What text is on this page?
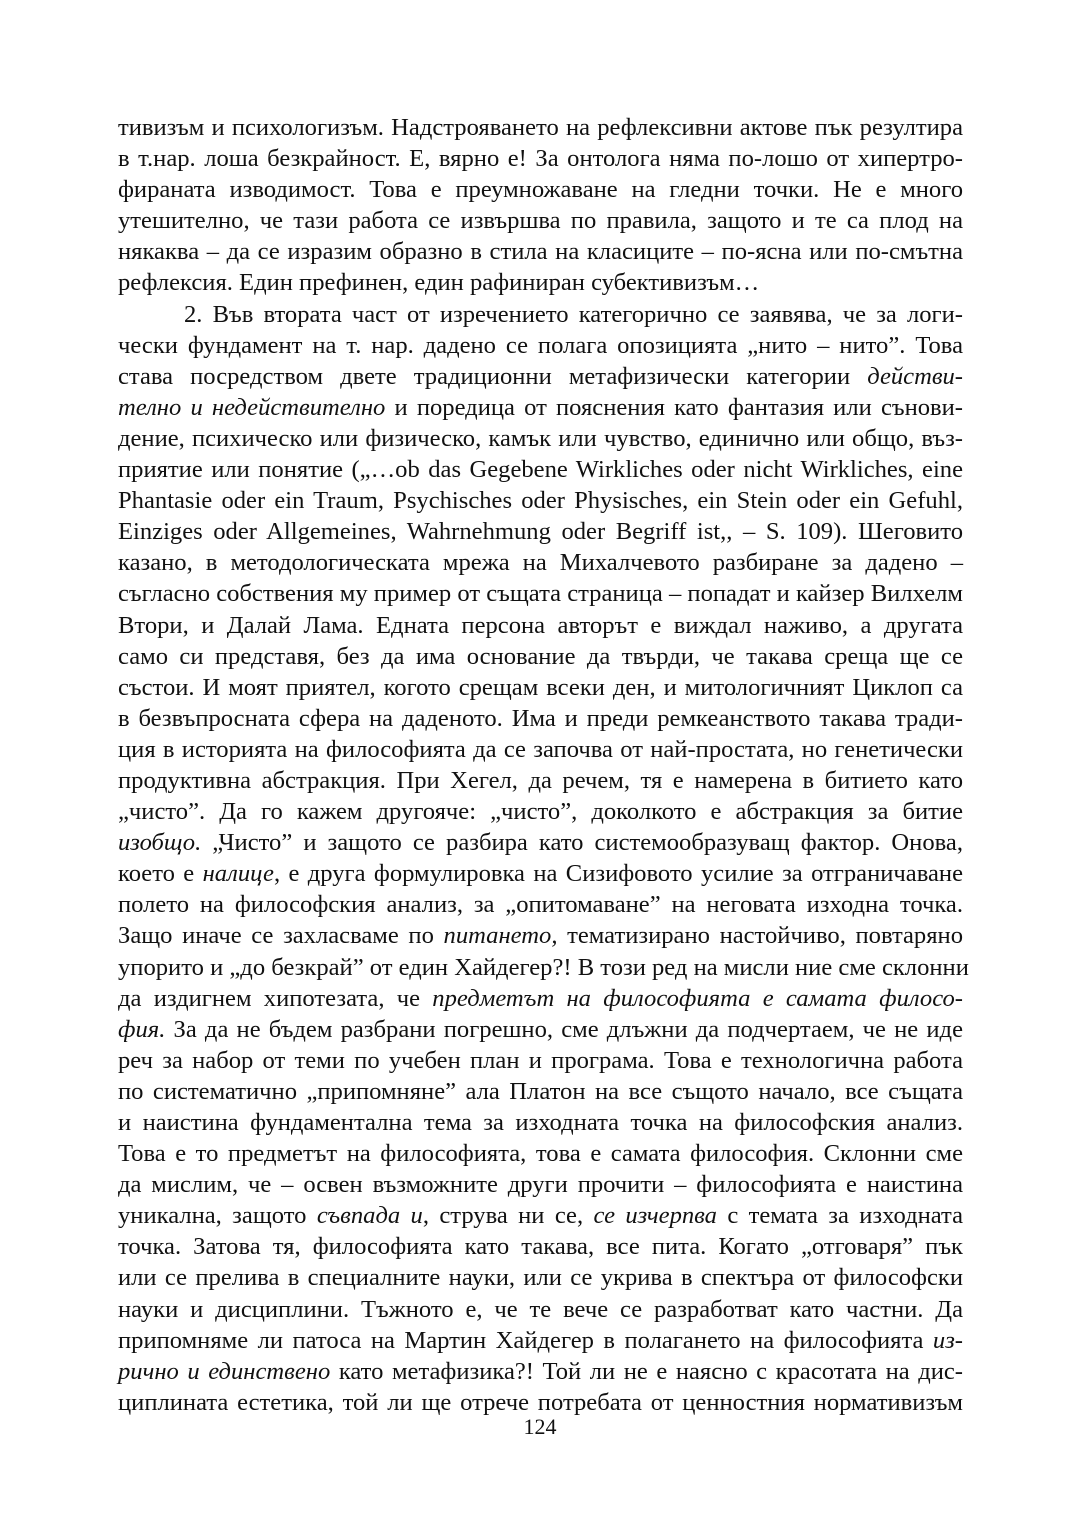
тивизъм и психологизъм. Надстрояването на рефлексивни актове пък резултира
в т.нар. лоша безкрайност. Е, вярно е! За онтолога няма по-лошо от хипертро-
фираната изводимост. Това е преумножаване на гледни точки. Не е много
утешително, че тази работа се извършва по правила, защото и те са плод на
някаква – да се изразим образно в стила на класиците – по-ясна или по-смътна
рефлексия. Един префинен, един рафиниран субективизъм…
2. Във втората част от изречението категорично се заявява, че за логи-
чески фундамент на т. нар. дадено се полага опозицията „нито – нито”. Това
става посредством двете традиционни метафизически категории действи-
телно и недействително и поредица от пояснения като фантазия или сънови-
дение, психическо или физическо, камък или чувство, единично или общо, въз-
приятие или понятие („…ob das Gegebene Wirkliches oder nicht Wirkliches, eine
Phantasie oder ein Traum, Psychisches oder Physisches, ein Stein oder ein Gefuhl,
Einziges oder Allgemeines, Wahrnehmung oder Begriff ist,, – S. 109). Шеговито
казано, в методологическата мрежа на Михалчевото разбиране за дадено –
съгласно собствения му пример от същата страница – попадат и кайзер Вилхелм
Втори, и Далай Лама. Едната персона авторът е виждал наживо, а другата
само си представя, без да има основание да твърди, че такава среща ще се
състои. И моят приятел, когото срещам всеки ден, и митологичният Циклоп са
в безвъпросната сфера на даденото. Има и преди ремкеанството такава тради-
ция в историята на философията да се започва от най-простата, но генетически
продуктивна абстракция. При Хегел, да речем, тя е намерена в битието като
„чисто”. Да го кажем другояче: „чисто”, доколкото е абстракция за битие
изобщо. „Чисто” и защото се разбира като системообразуващ фактор. Онова,
което е налице, е друга формулировка на Сизифовото усилие за отграничаване
полето на философския анализ, за „опитомаване” на неговата изходна точка.
Защо иначе се захласваме по питането, тематизирано настойчиво, повтаряно
упорито и „до безкрай” от един Хайдегер?! В този ред на мисли ние сме склонни
да издигнем хипотезата, че предметът на философията е самата филосо-
фия. За да не бъдем разбрани погрешно, сме длъжни да подчертаем, че не иде
реч за набор от теми по учебен план и програма. Това е технологична работа
по систематично „припомняне” ала Платон на все същото начало, все същата
и наистина фундаментална тема за изходната точка на философския анализ.
Това е то предметът на философията, това е самата философия. Склонни сме
да мислим, че – освен възможните други прочити – философията е наистина
уникална, защото съвпада и, струва ни се, се изчерпва с темата за изходната
точка. Затова тя, философията като такава, все пита. Когато „отговаря” пък
или се прелива в специалните науки, или се укрива в спектъра от философски
науки и дисциплини. Тъжното е, че те вече се разработват като частни. Да
припомняме ли патоса на Мартин Хайдегер в полагането на философията из-
рично и единствено като метафизика?! Той ли не е наясно с красотата на дис-
циплината естетика, той ли ще отрече потребата от ценностния нормативизъм
124
